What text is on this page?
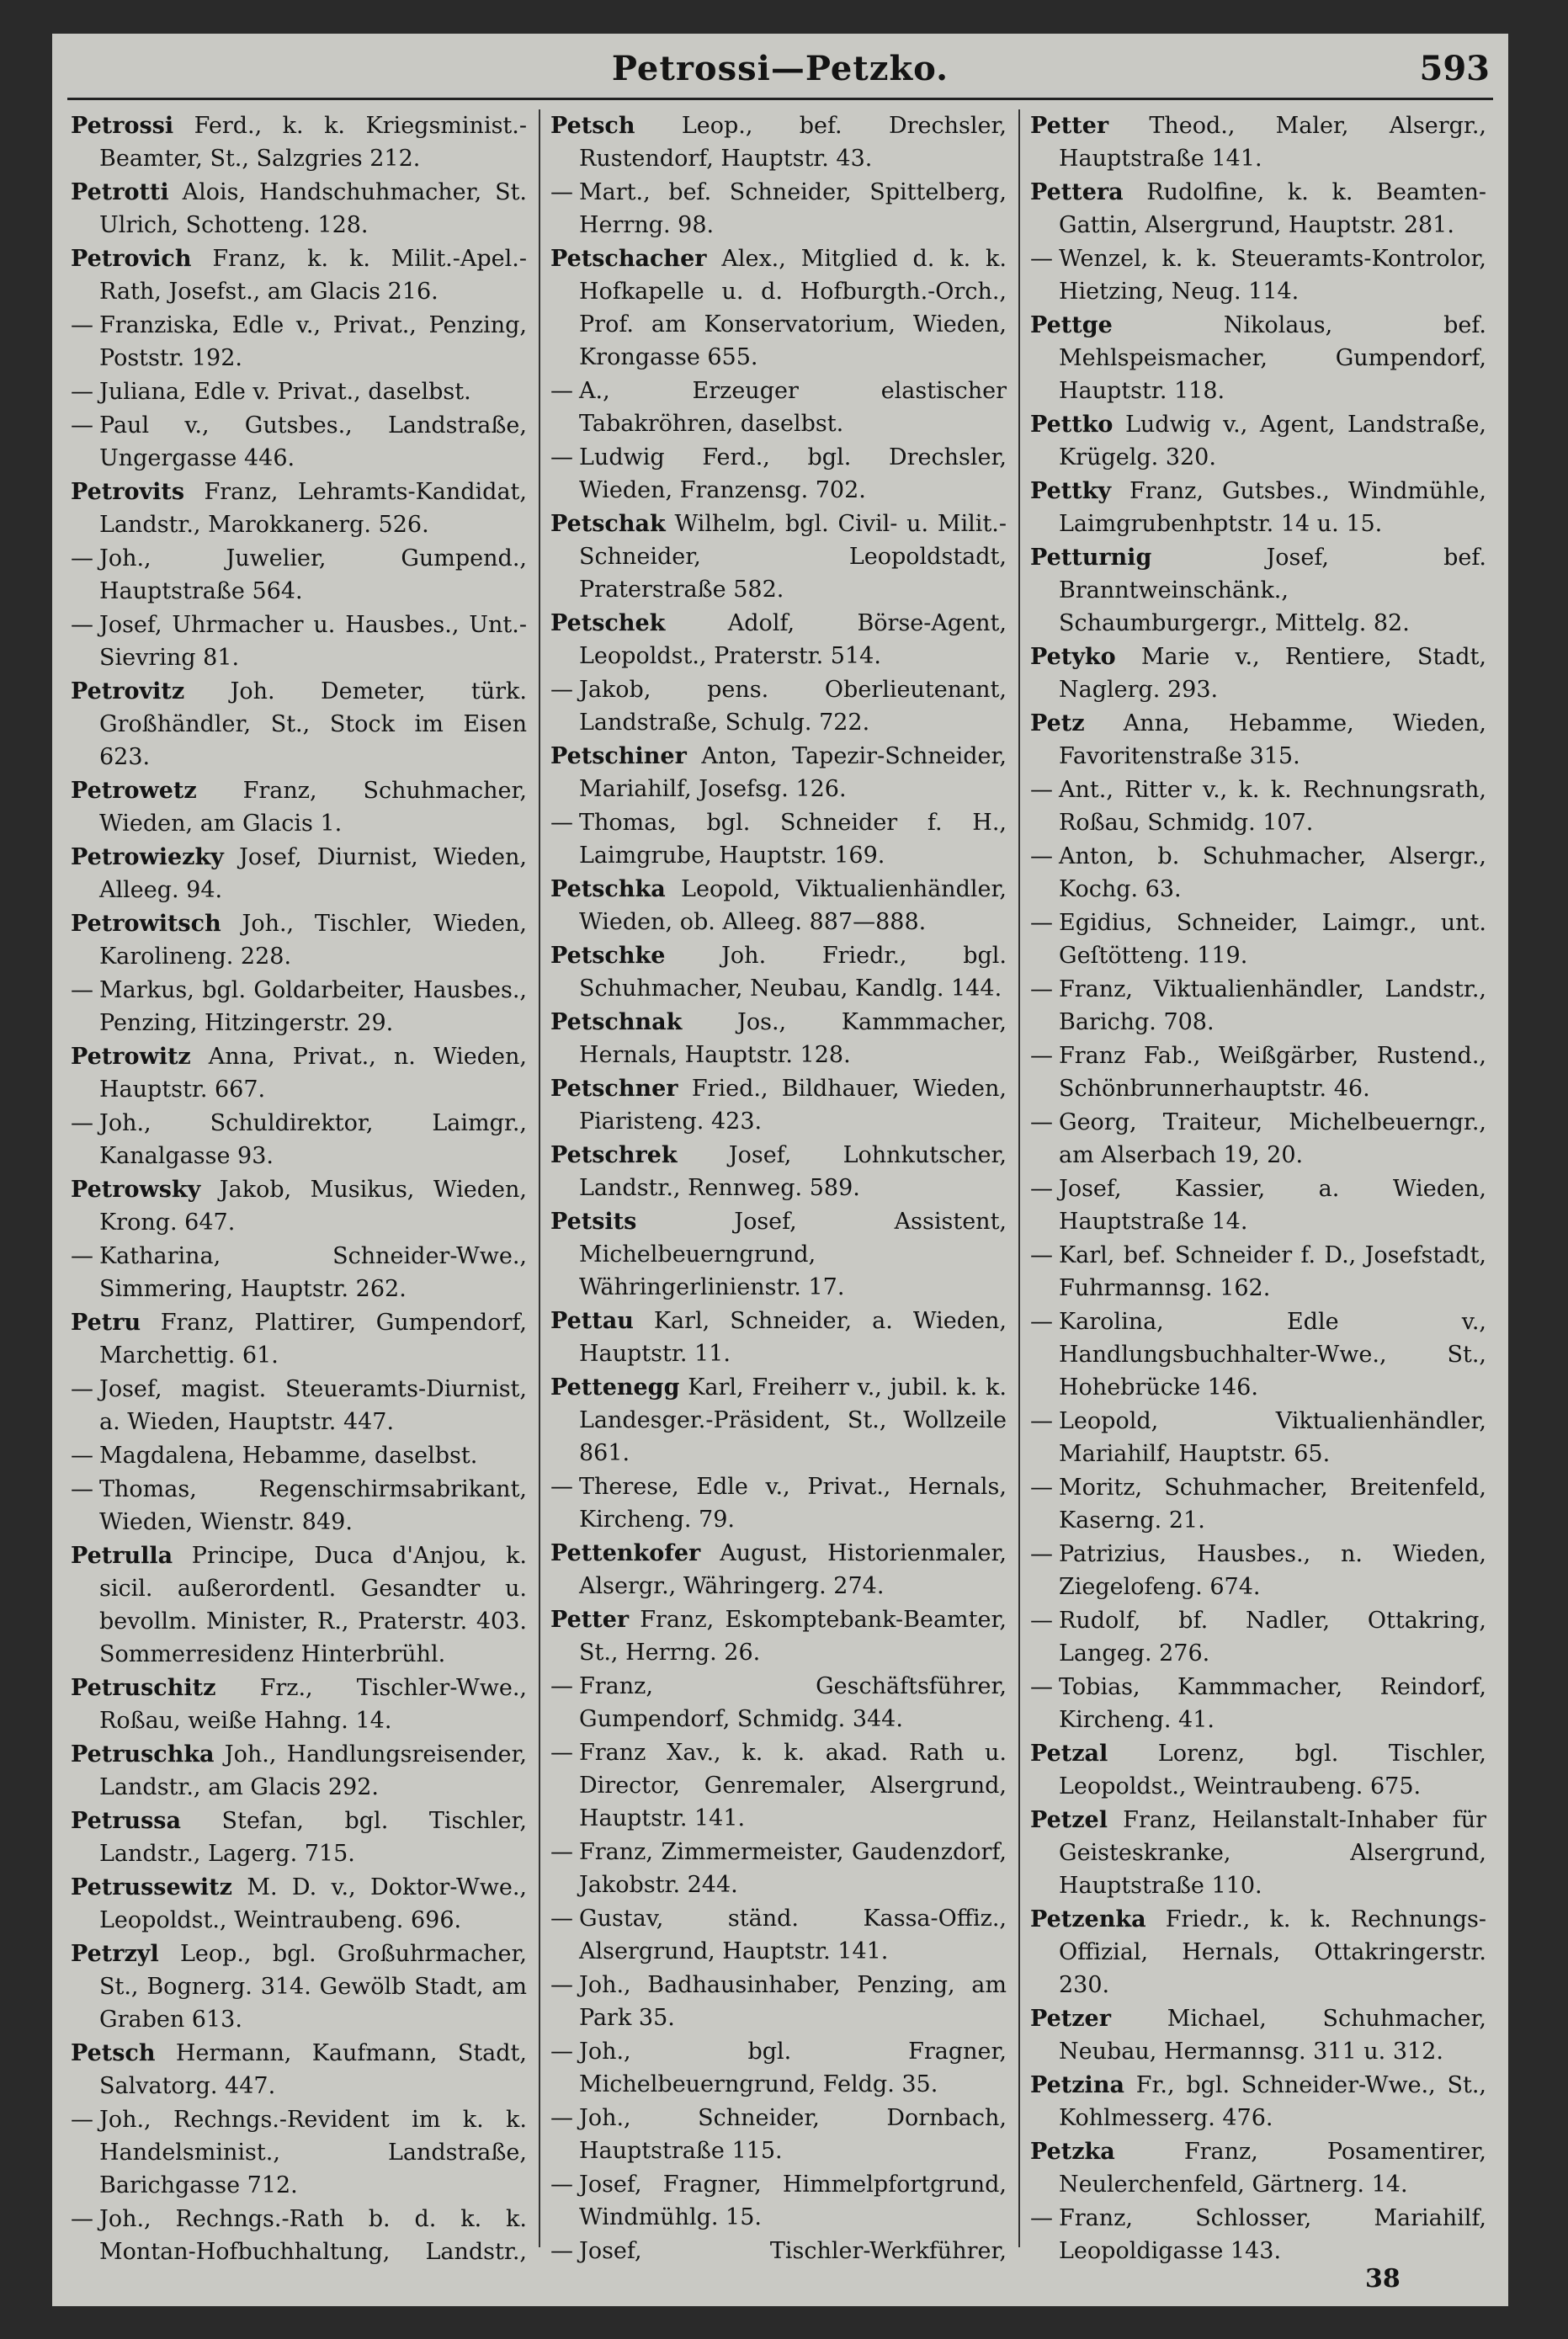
Petrossi—Petzko.	593

Petrossi Ferd., k. k. Kriegsminist.-Beamter, St., Salzgries 212.

Petrotti Alois, Handschuhmacher, St. Ulrich, Schotteng. 128.

Petrovich Franz, k. k. Milit.-Apel.-Rath, Josefst., am Glacis 216.

— Franziska, Edle v., Privat., Penzing, Poststr. 192.

— Juliana, Edle v. Privat., daselbst.

— Paul v., Gutsbes., Landstraße, Ungergasse 446.

Petrovits Franz, Lehramts-Kandidat, Landstr., Marokkanerg. 526.

— Joh., Juwelier, Gumpend., Hauptstraße 564.

— Josef, Uhrmacher u. Hausbes., Unt.-Sievring 81.

Petrovitz Joh. Demeter, türk. Großhändler, St., Stock im Eisen 623.

Petrowetz Franz, Schuhmacher, Wieden, am Glacis 1.

Petrowiezky Josef, Diurnist, Wieden, Alleeg. 94.

Petrowitsch Joh., Tischler, Wieden, Karolineng. 228.

— Markus, bgl. Goldarbeiter, Hausbes., Penzing, Hitzingerstr. 29.

Petrowitz Anna, Privat., n. Wieden, Hauptstr. 667.

— Joh., Schuldirektor, Laimgr., Kanalgasse 93.

Petrowsky Jakob, Musikus, Wieden, Krong. 647.

— Katharina, Schneider-Wwe., Simmering, Hauptstr. 262.

Petru Franz, Plattirer, Gumpendorf, Marchettig. 61.

— Josef, magist. Steueramts-Diurnist, a. Wieden, Hauptstr. 447.

— Magdalena, Hebamme, daselbst.

— Thomas, Regenschirmsabrikant, Wieden, Wienstr. 849.

Petrulla Principe, Duca d'Anjou, k. sicil. außerordentl. Gesandter u. bevollm. Minister, R., Praterstr. 403. Sommerresidenz Hinterbrühl.

Petruschitz Frz., Tischler-Wwe., Roßau, weiße Hahng. 14.

Petruschka Joh., Handlungsreisender, Landstr., am Glacis 292.

Petrussa Stefan, bgl. Tischler, Landstr., Lagerg. 715.

Petrussewitz M. D. v., Doktor-Wwe., Leopoldst., Weintraubeng. 696.

Petrzyl Leop., bgl. Großuhrmacher, St., Bognerg. 314. Gewölb Stadt, am Graben 613.

Petsch Hermann, Kaufmann, Stadt, Salvatorg. 447.

— Joh., Rechngs.-Revident im k. k. Handelsminist., Landstraße, Barichgasse 712.

— Joh., Rechngs.-Rath b. d. k. k. Montan-Hofbuchhaltung, Landstr.,

Petsch Leop., bef. Drechsler, Rustendorf, Hauptstr. 43.

— Mart., bef. Schneider, Spittelberg, Herrng. 98.

Petschacher Alex., Mitglied d. k. k. Hofkapelle u. d. Hofburgth.-Orch., Prof. am Konservatorium, Wieden, Krongasse 655.

— A., Erzeuger elastischer Tabakröhren, daselbst.

— Ludwig Ferd., bgl. Drechsler, Wieden, Franzensg. 702.

Petschak Wilhelm, bgl. Civil- u. Milit.-Schneider, Leopoldstadt, Praterstraße 582.

Petschek Adolf, Börse-Agent, Leopoldst., Praterstr. 514.

— Jakob, pens. Oberlieutenant, Landstraße, Schulg. 722.

Petschiner Anton, Tapezir-Schneider, Mariahilf, Josefsg. 126.

— Thomas, bgl. Schneider f. H., Laimgrube, Hauptstr. 169.

Petschka Leopold, Viktualienhändler, Wieden, ob. Alleeg. 887—888.

Petschke Joh. Friedr., bgl. Schuhmacher, Neubau, Kandlg. 144.

Petschnak Jos., Kammmacher, Hernals, Hauptstr. 128.

Petschner Fried., Bildhauer, Wieden, Piaristeng. 423.

Petschrek Josef, Lohnkutscher, Landstr., Rennweg. 589.

Petsits Josef, Assistent, Michelbeuerngrund, Währingerlinienstr. 17.

Pettau Karl, Schneider, a. Wieden, Hauptstr. 11.

Pettenegg Karl, Freiherr v., jubil. k. k. Landesger.-Präsident, St., Wollzeile 861.

— Therese, Edle v., Privat., Hernals, Kircheng. 79.

Pettenkofer August, Historienmaler, Alsergr., Währingerg. 274.

Petter Franz, Eskomptebank-Beamter, St., Herrng. 26.

— Franz, Geschäftsführer, Gumpendorf, Schmidg. 344.

— Franz Xav., k. k. akad. Rath u. Director, Genremaler, Alsergrund, Hauptstr. 141.

— Franz, Zimmermeister, Gaudenzdorf, Jakobstr. 244.

— Gustav, ständ. Kassa-Offiz., Alsergrund, Hauptstr. 141.

— Joh., Badhausinhaber, Penzing, am Park 35.

— Joh., bgl. Fragner, Michelbeuerngrund, Feldg. 35.

— Joh., Schneider, Dornbach, Hauptstraße 115.

— Josef, Fragner, Himmelpfortgrund, Windmühlg. 15.

— Josef, Tischler-Werkführer,

Petter Theod., Maler, Alsergr., Hauptstraße 141.

Pettera Rudolfine, k. k. Beamten-Gattin, Alsergrund, Hauptstr. 281.

— Wenzel, k. k. Steueramts-Kontrolor, Hietzing, Neug. 114.

Pettge Nikolaus, bef. Mehlspeismacher, Gumpendorf, Hauptstr. 118.

Pettko Ludwig v., Agent, Landstraße, Krügelg. 320.

Pettky Franz, Gutsbes., Windmühle, Laimgrubenhptstr. 14 u. 15.

Petturnig Josef, bef. Branntweinschänk., Schaumburgergr., Mittelg. 82.

Petyko Marie v., Rentiere, Stadt, Naglerg. 293.

Petz Anna, Hebamme, Wieden, Favoritenstraße 315.

— Ant., Ritter v., k. k. Rechnungsrath, Roßau, Schmidg. 107.

— Anton, b. Schuhmacher, Alsergr., Kochg. 63.

— Egidius, Schneider, Laimgr., unt. Geſtötteng. 119.

— Franz, Viktualienhändler, Landstr., Barichg. 708.

— Franz Fab., Weißgärber, Rustend., Schönbrunnerhauptstr. 46.

— Georg, Traiteur, Michelbeuerngr., am Alserbach 19, 20.

— Josef, Kassier, a. Wieden, Hauptstraße 14.

— Karl, bef. Schneider f. D., Josefstadt, Fuhrmannsg. 162.

— Karolina, Edle v., Handlungsbuchhalter-Wwe., St., Hohebrücke 146.

— Leopold, Viktualienhändler, Mariahilf, Hauptstr. 65.

— Moritz, Schuhmacher, Breitenfeld, Kaserng. 21.

— Patrizius, Hausbes., n. Wieden, Ziegelofeng. 674.

— Rudolf, bf. Nadler, Ottakring, Langeg. 276.

— Tobias, Kammmacher, Reindorf, Kircheng. 41.

Petzal Lorenz, bgl. Tischler, Leopoldst., Weintraubeng. 675.

Petzel Franz, Heilanstalt-Inhaber für Geisteskranke, Alsergrund, Hauptstraße 110.

Petzenka Friedr., k. k. Rechnungs-Offizial, Hernals, Ottakringerstr. 230.

Petzer Michael, Schuhmacher, Neubau, Hermannsg. 311 u. 312.

Petzina Fr., bgl. Schneider-Wwe., St., Kohlmesserg. 476.

Petzka Franz, Posamentirer, Neulerchenfeld, Gärtnerg. 14.

— Franz, Schlosser, Mariahilf, Leopoldigasse 143.

38
